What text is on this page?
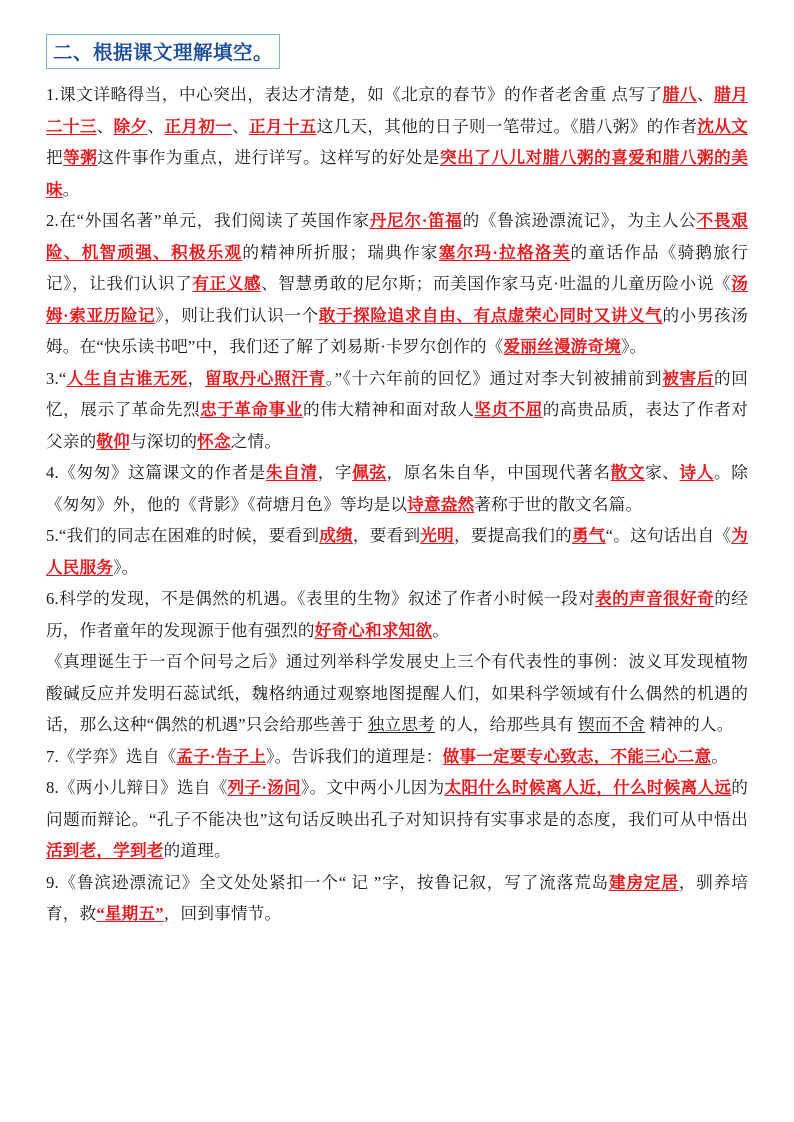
二、根据课文理解填空。

1.课文详略得当，中心突出，表达才清楚，如《北京的春节》的作者老舍重 点写了腊八、腊月二十三、除夕、正月初一、正月十五这几天，其他的日子则一笔带过。《腊八粥》的作者沈从文把等粥这件事作为重点，进行详写。这样写的好处是突出了八儿对腊八粥的喜爱和腊八粥的美味。

2.在“外国名著”单元，我们阅读了英国作家丹尼尔·笛福的《鲁滨逊漂流记》，为主人公不畏艰险、机智顽强、积极乐观的精神所折服；瑞典作家塞尔玛·拉格洛芙的童话作品《骑鹅旅行记》，让我们认识了有正义感、智慧勇敢的尼尔斯；而美国作家马克·吐温的儿童历险小说《汤姆·索亚历险记》，则让我们认识一个敢于探险追求自由、有点虚荣心同时又讲义气的小男孩汤姆。在“快乐读书吧”中，我们还了解了刘易斯·卡罗尔创作的《爱丽丝漫游奇境》。

3.“人生自古谁无死，留取丹心照汗青。”《十六年前的回忆》通过对李大钊被捕前到被害后的回忆，展示了革命先烈忠于革命事业的伟大精神和面对敌人坚贞不屈的高贵品质，表达了作者对父亲的敬仰与深切的怀念之情。

4.《匆匆》这篇课文的作者是朱自清，字佩弦，原名朱自华，中国现代著名散文家、诗人。除《匆匆》外，他的《背影》《荷塘月色》等均是以诗意盎然著称于世的散文名篇。

5.“我们的同志在困难的时候，要看到成绩，要看到光明，要提高我们的勇气“。这句话出自《为人民服务》。

6.科学的发现，不是偶然的机遇。《表里的生物》叙述了作者小时候一段对表的声音很好奇的经历，作者童年的发现源于他有强烈的好奇心和求知欲。

《真理诞生于一百个问号之后》通过列举科学发展史上三个有代表性的事例：波义耳发现植物酸碱反应并发明石蕊试纸，魏格纳通过观察地图提醒人们，如果科学领域有什么偶然的机遇的话，那么这种“偶然的机遇”只会给那些善于 独立思考 的人，给那些具有 锲而不舍 精神的人。

7.《学弈》选自《孟子·告子上》。告诉我们的道理是：做事一定要专心致志，不能三心二意。

8.《两小儿辩日》选自《列子·汤问》。文中两小儿因为太阳什么时候离人近，什么时候离人远的问题而辩论。“孔子不能决也”这句话反映出孔子对知识持有实事求是的态度，我们可从中悟出活到老，学到老的道理。

9.《鲁滨逊漂流记》全文处处紧扣一个“ 记 ”字，按鲁记叙，写了流落荒岛建房定居，驯养培育，救“星期五”，回到事情节。
